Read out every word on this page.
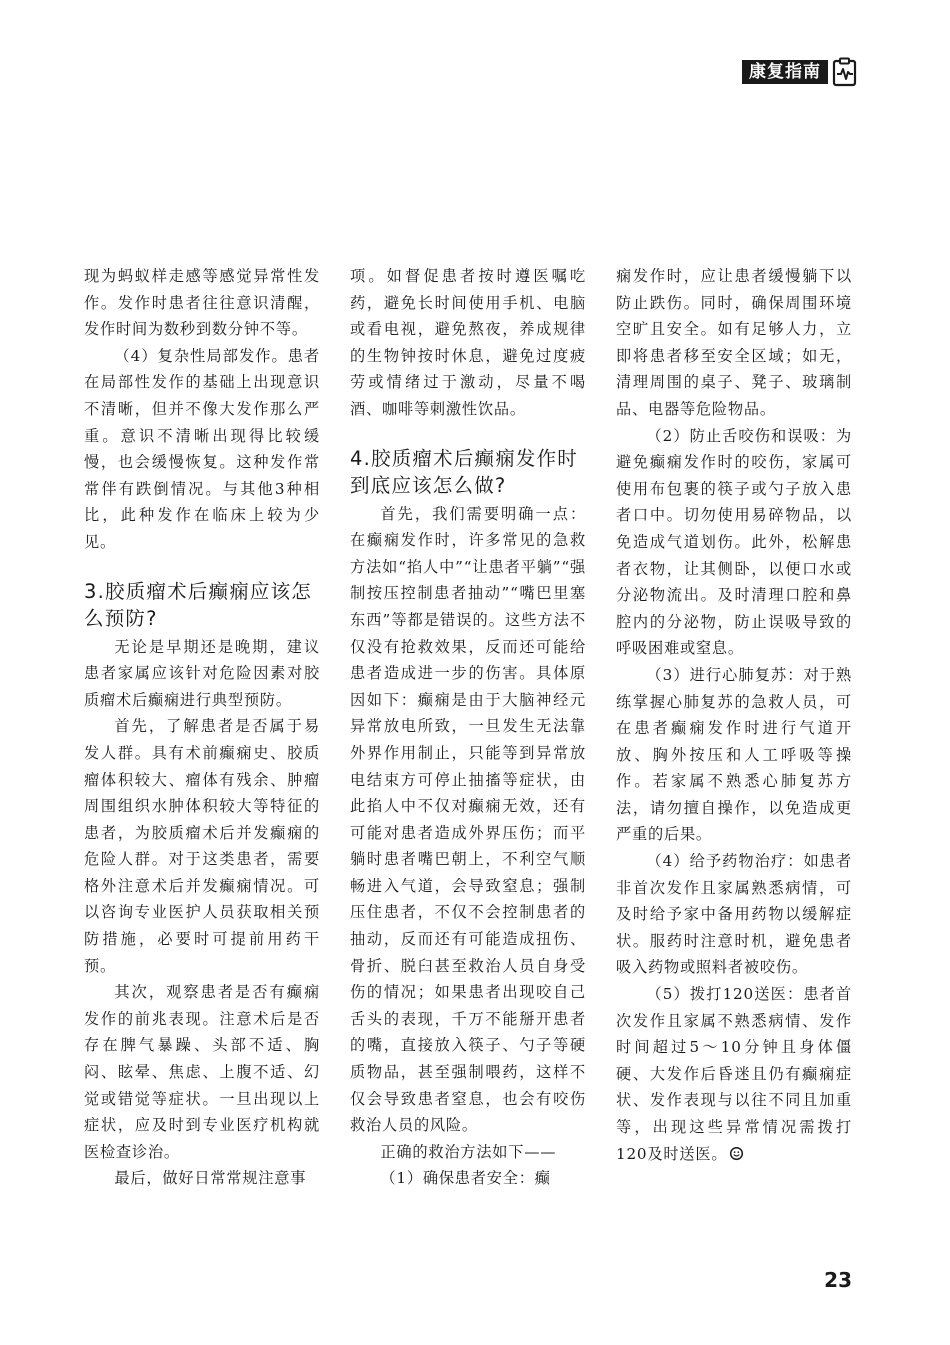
康复指南

现为蚂蚁样走感等感觉异常性发作。发作时患者往往意识清醒，发作时间为数秒到数分钟不等。

（4）复杂性局部发作。患者在局部性发作的基础上出现意识不清晰，但并不像大发作那么严重。意识不清晰出现得比较缓慢，也会缓慢恢复。这种发作常常伴有跌倒情况。与其他3种相比，此种发作在临床上较为少见。

3.胶质瘤术后癫痫应该怎么预防?

无论是早期还是晚期，建议患者家属应该针对危险因素对胶质瘤术后癫痫进行典型预防。

首先，了解患者是否属于易发人群。具有术前癫痫史、胶质瘤体积较大、瘤体有残余、肿瘤周围组织水肿体积较大等特征的患者，为胶质瘤术后并发癫痫的危险人群。对于这类患者，需要格外注意术后并发癫痫情况。可以咨询专业医护人员获取相关预防措施，必要时可提前用药干预。

其次，观察患者是否有癫痫发作的前兆表现。注意术后是否存在脾气暴躁、头部不适、胸闷、眩晕、焦虑、上腹不适、幻觉或错觉等症状。一旦出现以上症状，应及时到专业医疗机构就医检查诊治。

最后，做好日常常规注意事

项。如督促患者按时遵医嘱吃药，避免长时间使用手机、电脑或看电视，避免熬夜，养成规律的生物钟按时休息，避免过度疲劳或情绪过于激动，尽量不喝酒、咖啡等刺激性饮品。

4.胶质瘤术后癫痫发作时到底应该怎么做?

首先，我们需要明确一点：在癫痫发作时，许多常见的急救方法如“掐人中”“让患者平躺”“强制按压控制患者抽动”“嘴巴里塞东西”等都是错误的。这些方法不仅没有抢救效果，反而还可能给患者造成进一步的伤害。具体原因如下：癫痫是由于大脑神经元异常放电所致，一旦发生无法靠外界作用制止，只能等到异常放电结束方可停止抽搐等症状，由此掐人中不仅对癫痫无效，还有可能对患者造成外界压伤；而平躺时患者嘴巴朝上，不利空气顺畅进入气道，会导致窒息；强制压住患者，不仅不会控制患者的抽动，反而还有可能造成扭伤、骨折、脱臼甚至救治人员自身受伤的情况；如果患者出现咬自己舌头的表现，千万不能掰开患者的嘴，直接放入筷子、勺子等硬质物品，甚至强制喂药，这样不仅会导致患者窒息，也会有咬伤救治人员的风险。

正确的救治方法如下——

（1）确保患者安全：癫

痫发作时，应让患者缓慢躺下以防止跌伤。同时，确保周围环境空旷且安全。如有足够人力，立即将患者移至安全区域；如无，清理周围的桌子、凳子、玻璃制品、电器等危险物品。

（2）防止舌咬伤和误吸：为避免癫痫发作时的咬伤，家属可使用布包裹的筷子或勺子放入患者口中。切勿使用易碎物品，以免造成气道划伤。此外，松解患者衣物，让其侧卧，以便口水或分泌物流出。及时清理口腔和鼻腔内的分泌物，防止误吸导致的呼吸困难或窒息。

（3）进行心肺复苏：对于熟练掌握心肺复苏的急救人员，可在患者癫痫发作时进行气道开放、胸外按压和人工呼吸等操作。若家属不熟悉心肺复苏方法，请勿擅自操作，以免造成更严重的后果。

（4）给予药物治疗：如患者非首次发作且家属熟悉病情，可及时给予家中备用药物以缓解症状。服药时注意时机，避免患者吸入药物或照料者被咬伤。

（5）拨打120送医：患者首次发作且家属不熟悉病情、发作时间超过5～10分钟且身体僵硬、大发作后昏迷且仍有癫痫症状、发作表现与以往不同且加重等，出现这些异常情况需拨打120及时送医。

23
